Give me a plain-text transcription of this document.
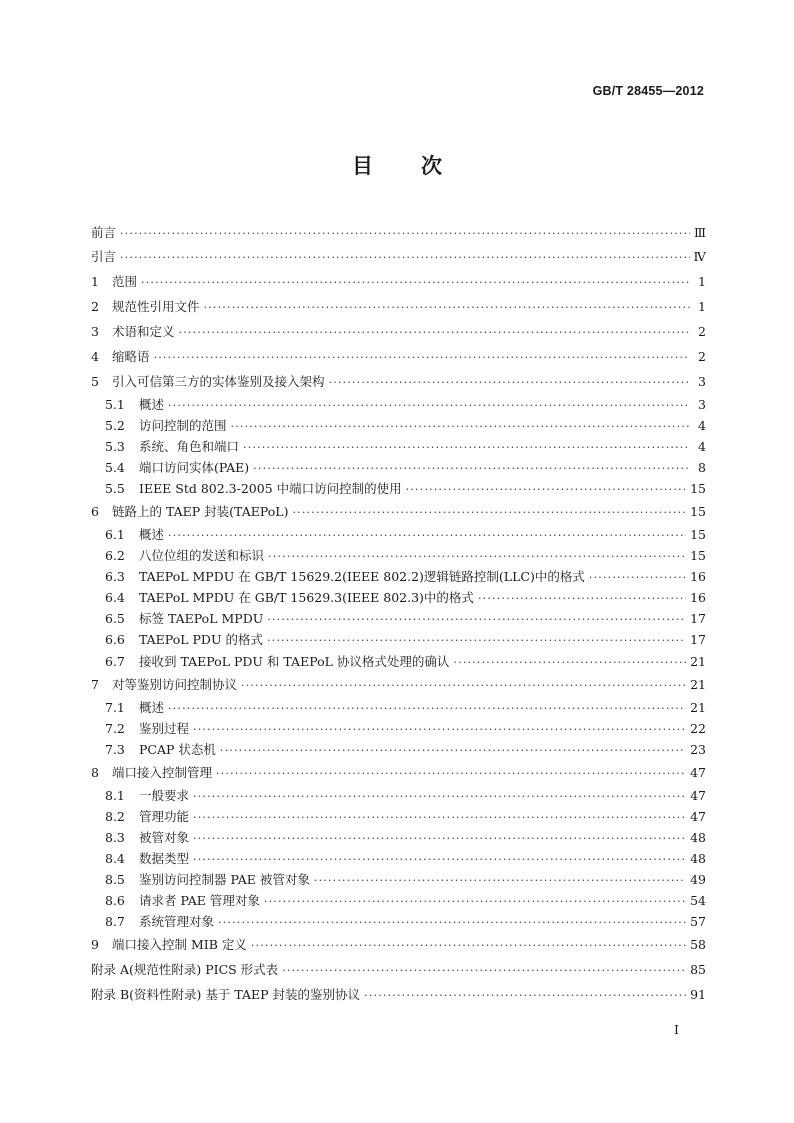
GB/T 28455—2012
目 次
前言 ·····	Ⅲ
引言 ·····	Ⅳ
1	范围 ·····	1
2	规范性引用文件 ·····	1
3	术语和定义 ·····	2
4	缩略语 ·····	2
5	引入可信第三方的实体鉴别及接入架构 ·····	3
5.1	概述 ·····	3
5.2	访问控制的范围 ·····	4
5.3	系统、角色和端口 ·····	4
5.4	端口访问实体(PAE) ·····	8
5.5	IEEE Std 802.3-2005 中端口访问控制的使用 ·····	15
6	链路上的 TAEP 封装(TAEPoL) ·····	15
6.1	概述 ·····	15
6.2	八位位组的发送和标识 ·····	15
6.3	TAEPoL MPDU 在 GB/T 15629.2(IEEE 802.2)逻辑链路控制(LLC)中的格式 ·····	16
6.4	TAEPoL MPDU 在 GB/T 15629.3(IEEE 802.3)中的格式 ·····	16
6.5	标签 TAEPoL MPDU ·····	17
6.6	TAEPoL PDU 的格式 ·····	17
6.7	接收到 TAEPoL PDU 和 TAEPoL 协议格式处理的确认 ·····	21
7	对等鉴别访问控制协议 ·····	21
7.1	概述 ·····	21
7.2	鉴别过程 ·····	22
7.3	PCAP 状态机 ·····	23
8	端口接入控制管理 ·····	47
8.1	一般要求 ·····	47
8.2	管理功能 ·····	47
8.3	被管对象 ·····	48
8.4	数据类型 ·····	48
8.5	鉴别访问控制器 PAE 被管对象 ·····	49
8.6	请求者 PAE 管理对象 ·····	54
8.7	系统管理对象 ·····	57
9	端口接入控制 MIB 定义 ·····	58
附录 A(规范性附录) PICS 形式表 ·····	85
附录 B(资料性附录) 基于 TAEP 封装的鉴别协议 ·····	91
I
